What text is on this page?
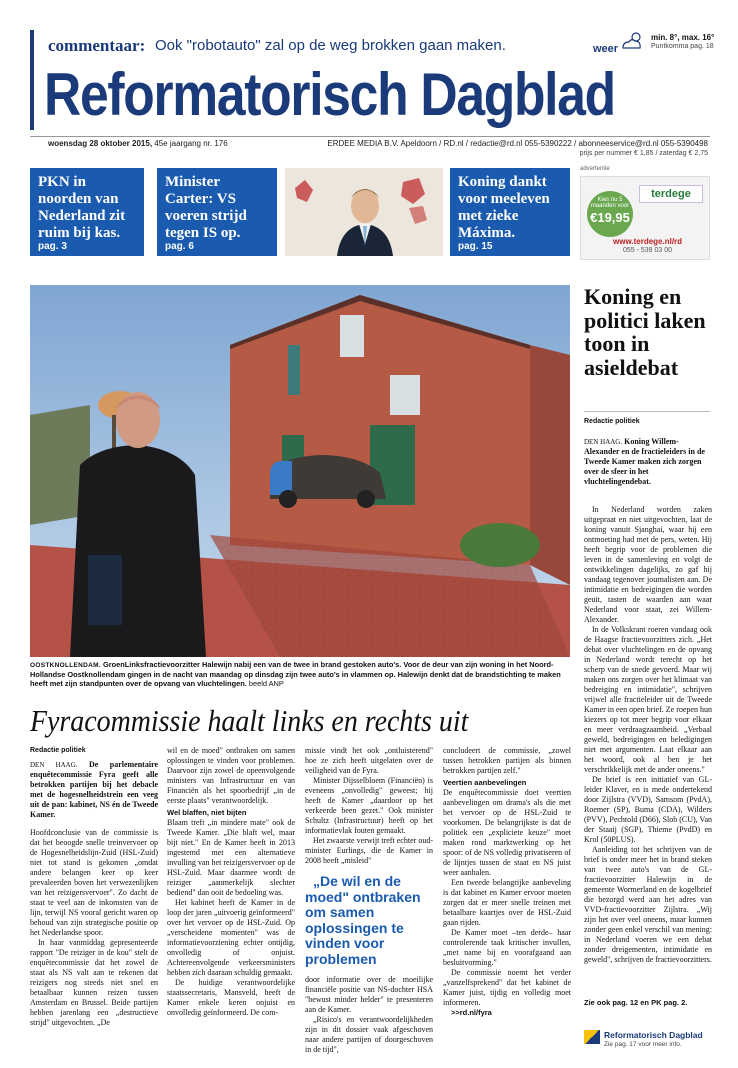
commentaar: Ook "robotauto" zal op de weg brokken gaan maken.	weer
min. 8°, max. 16°
Puntkomma pag. 18
Reformatorisch Dagblad
woensdag 28 oktober 2015, 45e jaargang nr. 176	ERDEE MEDIA B.V. Apeldoorn / RD.nl / redactie@rd.nl 055-5390222 / abonneeservice@rd.nl 055-5390498
prijs per nummer € 1,85 / zaterdag € 2,75
PKN in noorden van Nederland zit ruim bij kas.
pag. 3
Minister Carter: VS voeren strijd tegen IS op.
pag. 6
Koning dankt voor meeleven met zieke Máxima.
pag. 15
advertentie
Kies nu 5 maanden voor
€19,95
terdege
www.terdege.nl/rd
055 - 539 03 00
OOSTKNOLLENDAM. GroenLinksfractievoorzitter Halewijn nabij een van de twee in brand gestoken auto's. Voor de deur van zijn woning in het Noord-Hollandse Oostknollendam gingen in de nacht van maandag op dinsdag zijn twee auto's in vlammen op. Halewijn denkt dat de brandstichting te maken heeft met zijn standpunten over de opvang van vluchtelingen. beeld ANP
Koning en politici laken toon in asieldebat
Redactie politiek
DEN HAAG. Koning Willem-Alexander en de fractieleiders in de Tweede Kamer maken zich zorgen over de sfeer in het vluchtelingendebat.

In Nederland worden zaken uitgepraat en niet uitgevochten, laat de koning vanuit Sjanghai, waar hij een ontmoeting had met de pers, weten. Hij heeft begrip voor de problemen die leven in de samenleving en volgt de ontwikkelingen dagelijks, zo gaf hij vandaag tegenover journalisten aan. De intimidatie en bedreigingen die worden geuit, tasten de waarden aan waar Nederland voor staat, zei Willem-Alexander.

In de Volkskrant roeren vandaag ook de Haagse fractievoorzitters zich. „Het debat over vluchtelingen en de opvang in Nederland wordt terecht op het scherp van de snede gevoerd. Maar wij maken ons zorgen over het klimaat van bedreiging en intimidatie", schrijven vrijwel alle fractieleider uit de Tweede Kamer in een open brief. Ze roepen hun kiezers op tot meer begrip voor elkaar en meer verdraagzaamheid. „Verbaal geweld, bedreigingen en beledigingen niet met argumenten. Laat elkaar aan het woord, ook al ben je het verschrikkelijk met de ander oneens."

De brief is een initiatief van GL-leider Klaver, en is mede ondertekend door Zijlstra (VVD), Samsom (PvdA), Roemer (SP), Buma (CDA), Wilders (PVV), Pechtold (D66), Slob (CU), Van der Staaij (SGP), Thieme (PvdD) en Krol (50PLUS).

Aanleiding tot het schrijven van de brief is onder meer het in brand steken van twee auto's van de GL-fractievoorzitter Halewijn in de gemeente Wormerland en de kogelbrief die bezorgd werd aan het adres van VVD-fractievoorzitter Zijlstra. „Wij zijn het over veel oneens, maar kunnen zonder geen enkel verschil van mening: in Nederland voeren we een debat zonder dreigementen, intimidatie en geweld", schrijven de fractievoorzitters.

Zie ook pag. 12 en PK pag. 2.
Reformatorisch Dagblad
Zie pag. 17 voor meer info.
Fyracommissie haalt links en rechts uit

Redactie politiek

DEN HAAG. De parlementaire enquêtecommissie Fyra geeft alle betrokken partijen bij het debacle met de hogesnelheidstrein een veeg uit de pan: kabinet, NS én de Tweede Kamer.

Hoofdconclusie van de commissie is dat het beoogde snelle treinvervoer op de Hogesnelheidslijn-Zuid (HSL-Zuid) niet tot stand is gekomen „omdat andere belangen keer op keer prevaleerden boven het verwezenlijken van het reizigersvervoer". Zo dacht de staat te veel aan de inkomsten van de lijn, terwijl NS vooral gericht waren op behoud van zijn strategische positie op het Nederlandse spoor.

In haar vanmiddag gepresenteerde rapport "De reiziger in de kou" stelt de enquêtecommissie dat het zowel de staat als NS valt aan te rekenen dat reizigers nog steeds niet snel en betaalbaar kunnen reizen tussen Amsterdam en Brussel. Beide partijen hebben jarenlang een „destructieve strijd" uitgevochten. „De

wil en de moed" ontbraken om samen oplossingen te vinden voor problemen. Daarvoor zijn zowel de opeenvolgende ministers van Infrastructuur en van Financiën als het spoorbedrijf „in de eerste plaats" verantwoordelijk.

Wel blaffen, niet bijten

Blaam treft „in mindere mate" ook de Tweede Kamer. „Die blaft wel, maar bijt niet." En de Kamer heeft in 2013 ingestemd met een alternatieve invulling van het reizigersvervoer op de HSL-Zuid. Maar daarmee wordt de reiziger „aanmerkelijk slechter bediend" dan ooit de bedoeling was.

Het kabinet heeft de Kamer in de loop der jaren „uitvoerig geïnformeerd" over het vervoer op de HSL-Zuid. Op „verscheidene momenten" was de informatievoorziening echter ontijdig, onvolledig of onjuist. Achtereenvolgende verkeersministers hebben zich daaraan schuldig gemaakt.

De huidige verantwoordelijke staatssecretaris, Mansveld, heeft de Kamer enkele keren onjuist en onvolledig geïnformeerd. De com-

missie vindt het ook „ontluisterend" hoe ze zich heeft uitgelaten over de veiligheid van de Fyra.

Minister Dijsselbloem (Financiën) is eveneens „onvolledig" geweest; hij heeft de Kamer „daardoor op het verkeerde been gezet." Ook minister Schultz (Infrastructuur) heeft op het informatievlak fouten gemaakt.

Het zwaarste verwijt treft echter oud-minister Eurlings, die de Kamer in 2008 heeft „misleid"

„De wil en de moed" ontbraken om samen oplossingen te vinden voor problemen

door informatie over de moeilijke financiële positie van NS-dochter HSA "bewust minder helder" te presenteren aan de Kamer.

„Risico's en verantwoordelijkheden zijn in dit dossier vaak afgeschoven naar andere partijen of doorgeschoven in de tijd",

concludeert de commissie, „zowel tussen betrokken partijen als binnen betrokken partijen zelf."

Veertien aanbevelingen

De enquêtecommissie doet veertien aanbevelingen om drama's als die met het vervoer op de HSL-Zuid te voorkomen. De belangrijkste is dat de politiek een „expliciete keuze" moet maken rond marktwerking op het spoor: of de NS volledig privatiseren of de lijntjes tussen de staat en NS juist weer aanhalen.

Een tweede belangrijke aanbeveling is dat kabinet en Kamer ervoor moeten zorgen dat er meer snelle treinen met betaalbare kaartjes over de HSL-Zuid gaan rijden.

De Kamer moet –ten derde– haar controlerende taak kritischer invullen, „met name bij en voorafgaand aan besluitvorming."

De commissie noemt het verder „vanzelfsprekend" dat het kabinet de Kamer juist, tijdig en volledig moet informeren.

>>rd.nl/fyra
